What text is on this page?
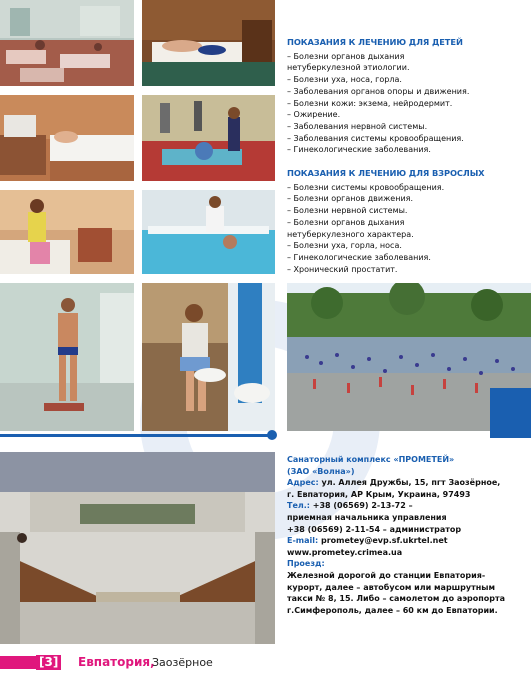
ПОКАЗАНИЯ К ЛЕЧЕНИЮ ДЛЯ ДЕТЕЙ
– Болезни органов дыхания
нетуберкулезной этиологии.
– Болезни уха, носа, горла.
– Заболевания органов опоры и движения.
– Болезни кожи: экзема, нейродермит.
– Ожирение.
– Заболевания нервной системы.
– Заболевания системы кровообращения.
– Гинекологические заболевания.
ПОКАЗАНИЯ К ЛЕЧЕНИЮ ДЛЯ ВЗРОСЛЫХ
– Болезни системы кровообращения.
– Болезни органов движения.
– Болезни нервной системы.
– Болезни органов дыхания
нетуберкулезного характера.
– Болезни уха, горла, носа.
– Гинекологические заболевания.
– Хронический простатит.
Санаторный комплекс «ПРОМЕТЕЙ»
(ЗАО «Волна»)
Адрес: ул. Аллея Дружбы, 15, пгт Заозёрное,
г. Евпатория, АР Крым, Украина, 97493
Тел.: +38 (06569) 2-13-72 –
приемная начальника управления
+38 (06569) 2-11-54 – администратор
E-mail: prometey@evp.sf.ukrtel.net
www.prometey.crimea.ua
Проезд:
Железной дорогой до станции Евпатория-
курорт, далее – автобусом или маршрутным
такси № 8, 15. Либо – самолетом до аэропорта
г.Симферополь, далее – 60 км до Евпатории.
[3] Евпатория,
Заозёрное
